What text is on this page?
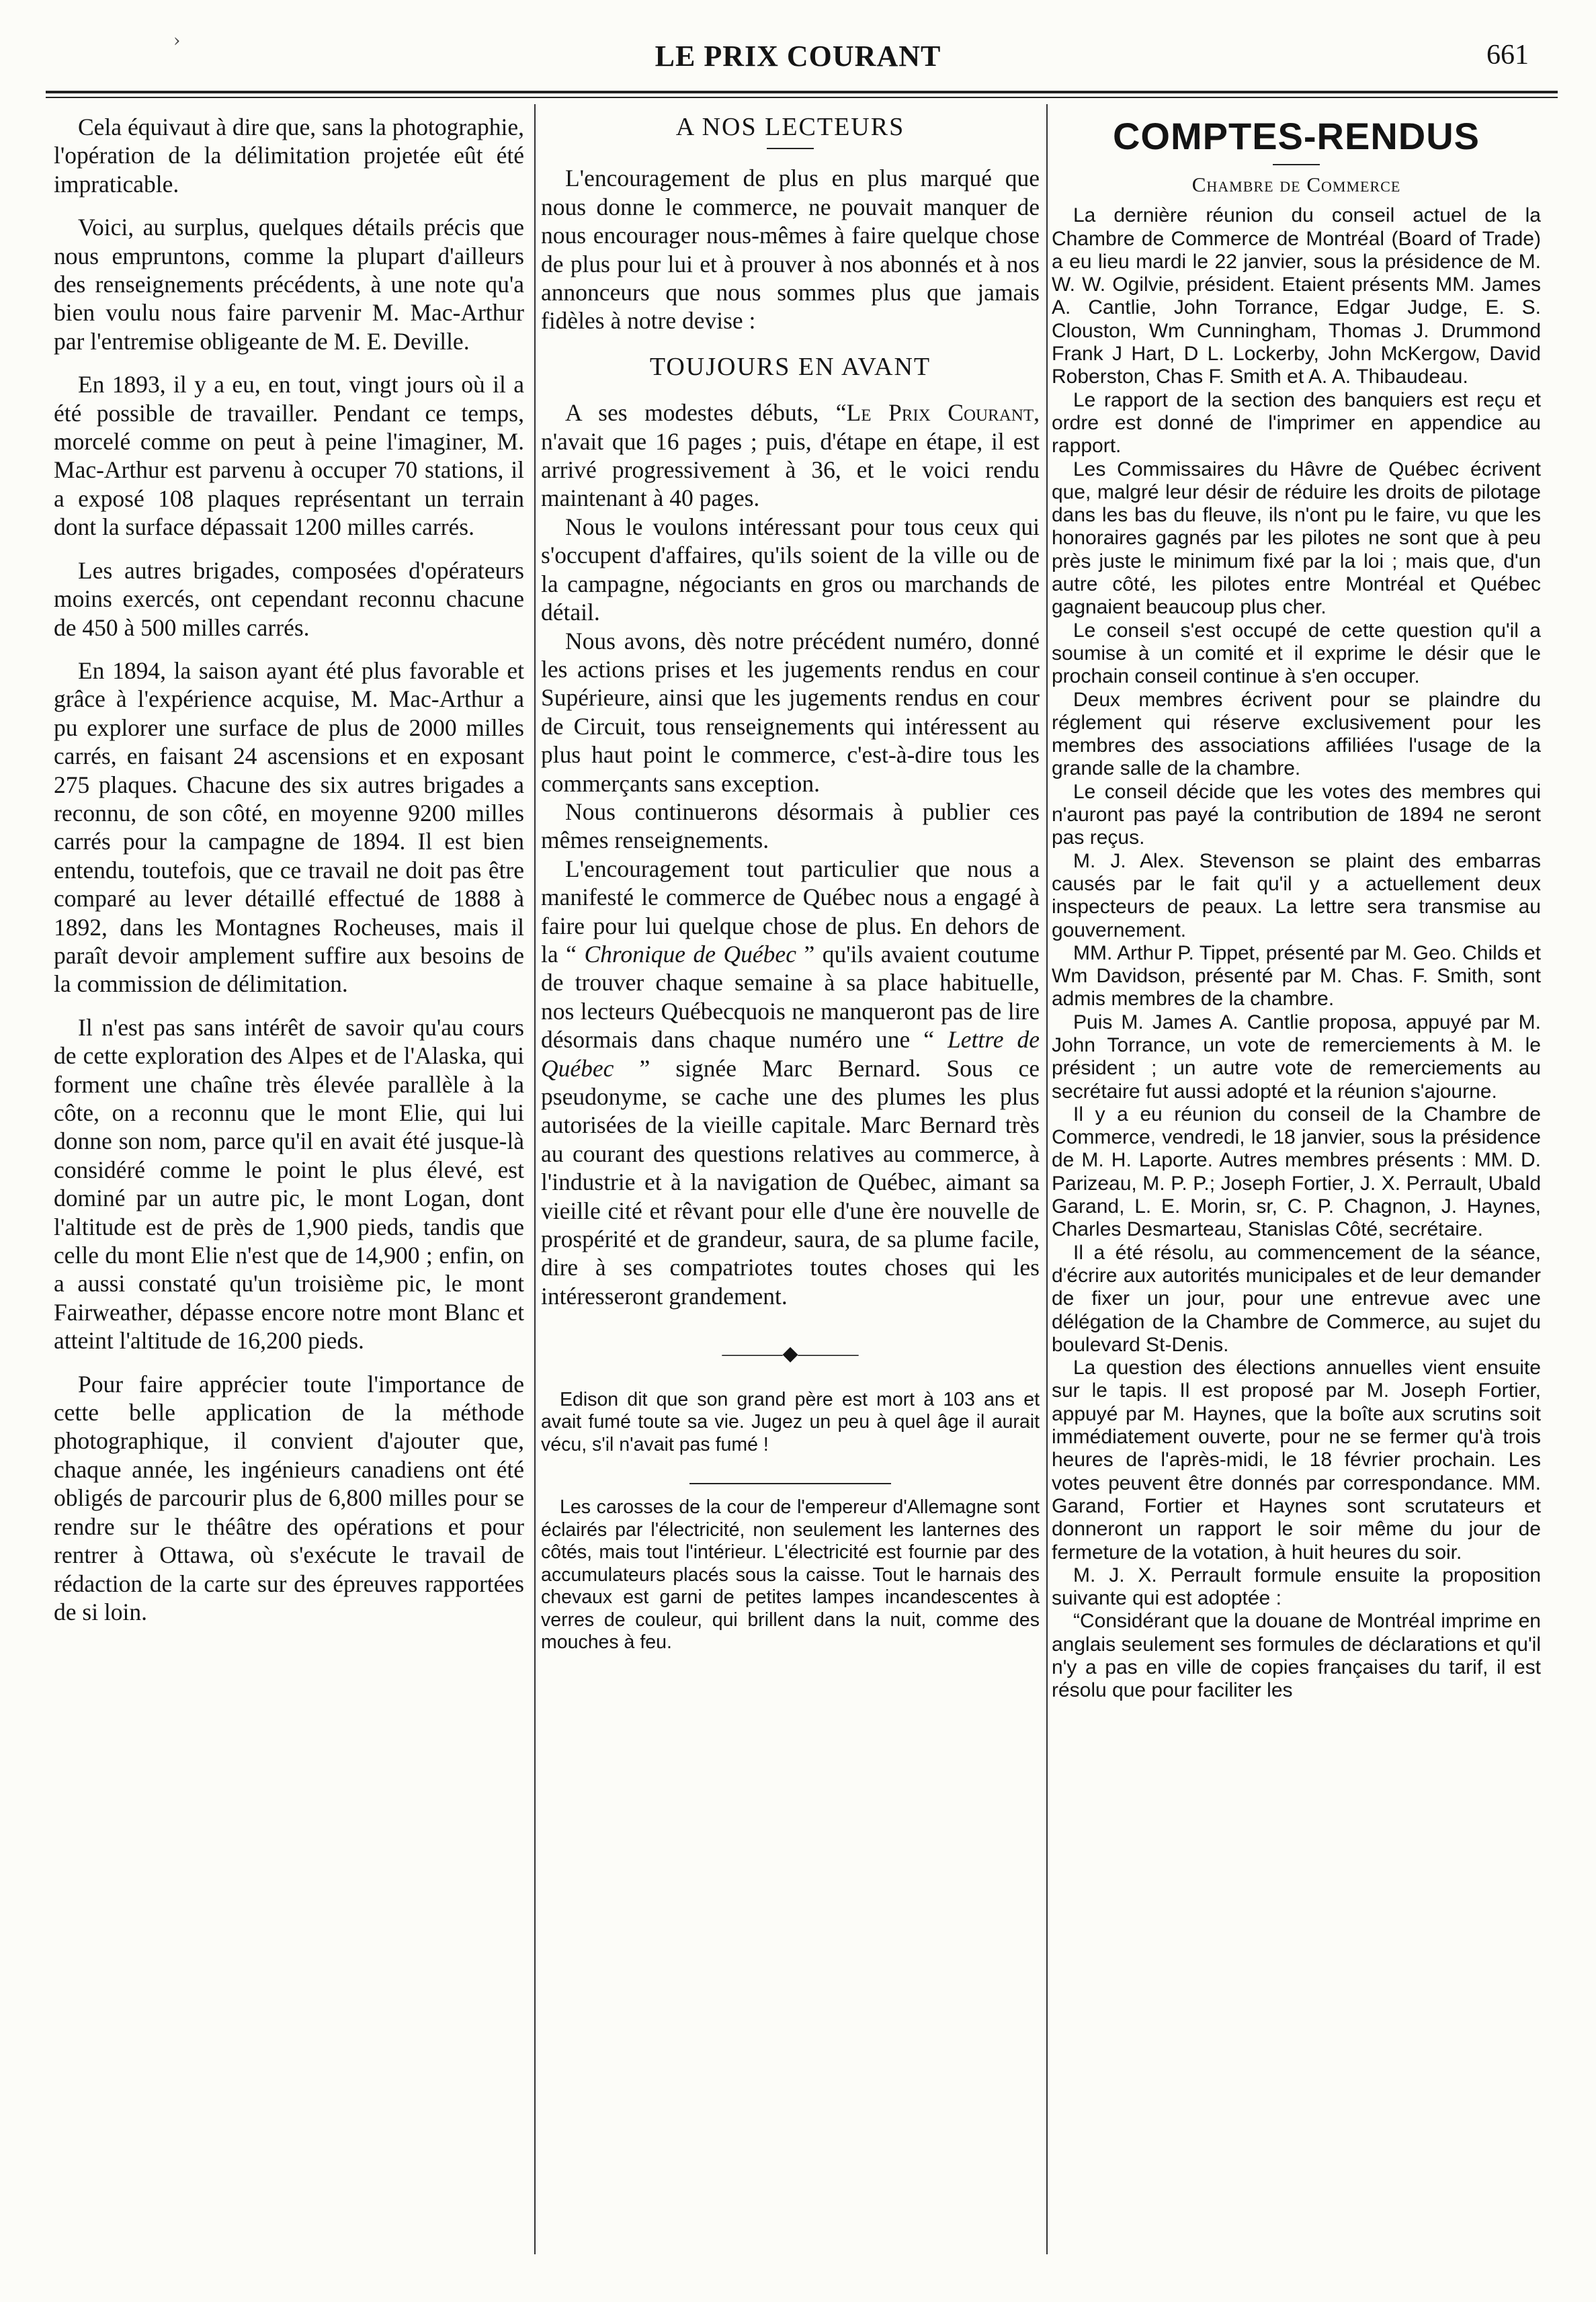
›	LE PRIX COURANT	661

Cela équivaut à dire que, sans la photographie, l'opération de la délimitation projetée eût été impraticable.

Voici, au surplus, quelques détails précis que nous empruntons, comme la plupart d'ailleurs des renseignements précédents, à une note qu'a bien voulu nous faire parvenir M. Mac-Arthur par l'entremise obligeante de M. E. Deville.

En 1893, il y a eu, en tout, vingt jours où il a été possible de travailler. Pendant ce temps, morcelé comme on peut à peine l'imaginer, M. Mac-Arthur est parvenu à occuper 70 stations, il a exposé 108 plaques représentant un terrain dont la surface dépassait 1200 milles carrés.

Les autres brigades, composées d'opérateurs moins exercés, ont cependant reconnu chacune de 450 à 500 milles carrés.

En 1894, la saison ayant été plus favorable et grâce à l'expérience acquise, M. Mac-Arthur a pu explorer une surface de plus de 2000 milles carrés, en faisant 24 ascensions et en exposant 275 plaques. Chacune des six autres brigades a reconnu, de son côté, en moyenne 9200 milles carrés pour la campagne de 1894. Il est bien entendu, toutefois, que ce travail ne doit pas être comparé au lever détaillé effectué de 1888 à 1892, dans les Montagnes Rocheuses, mais il paraît devoir amplement suffire aux besoins de la commission de délimitation.

Il n'est pas sans intérêt de savoir qu'au cours de cette exploration des Alpes et de l'Alaska, qui forment une chaîne très élevée parallèle à la côte, on a reconnu que le mont Elie, qui lui donne son nom, parce qu'il en avait été jusque-là considéré comme le point le plus élevé, est dominé par un autre pic, le mont Logan, dont l'altitude est de près de 1,900 pieds, tandis que celle du mont Elie n'est que de 14,900 ; enfin, on a aussi constaté qu'un troisième pic, le mont Fairweather, dépasse encore notre mont Blanc et atteint l'altitude de 16,200 pieds.

Pour faire apprécier toute l'importance de cette belle application de la méthode photographique, il convient d'ajouter que, chaque année, les ingénieurs canadiens ont été obligés de parcourir plus de 6,800 milles pour se rendre sur le théâtre des opérations et pour rentrer à Ottawa, où s'exécute le travail de rédaction de la carte sur des épreuves rapportées de si loin.

A NOS LECTEURS

L'encouragement de plus en plus marqué que nous donne le commerce, ne pouvait manquer de nous encourager nous-mêmes à faire quelque chose de plus pour lui et à prouver à nos abonnés et à nos annonceurs que nous sommes plus que jamais fidèles à notre devise :

TOUJOURS EN AVANT

A ses modestes débuts, “Le Prix Courant, n'avait que 16 pages ; puis, d'étape en étape, il est arrivé progressivement à 36, et le voici rendu maintenant à 40 pages.

Nous le voulons intéressant pour tous ceux qui s'occupent d'affaires, qu'ils soient de la ville ou de la campagne, négociants en gros ou marchands de détail.

Nous avons, dès notre précédent numéro, donné les actions prises et les jugements rendus en cour Supérieure, ainsi que les jugements rendus en cour de Circuit, tous renseignements qui intéressent au plus haut point le commerce, c'est-à-dire tous les commerçants sans exception.

Nous continuerons désormais à publier ces mêmes renseignements.

L'encouragement tout particulier que nous a manifesté le commerce de Québec nous a engagé à faire pour lui quelque chose de plus. En dehors de la “ Chronique de Québec ” qu'ils avaient coutume de trouver chaque semaine à sa place habituelle, nos lecteurs Québecquois ne manqueront pas de lire désormais dans chaque numéro une “ Lettre de Québec ” signée Marc Bernard. Sous ce pseudonyme, se cache une des plumes les plus autorisées de la vieille capitale. Marc Bernard très au courant des questions relatives au commerce, à l'industrie et à la navigation de Québec, aimant sa vieille cité et rêvant pour elle d'une ère nouvelle de prospérité et de grandeur, saura, de sa plume facile, dire à ses compatriotes toutes choses qui les intéresseront grandement.

———◆———

Edison dit que son grand père est mort à 103 ans et avait fumé toute sa vie. Jugez un peu à quel âge il aurait vécu, s'il n'avait pas fumé !

Les carosses de la cour de l'empereur d'Allemagne sont éclairés par l'électricité, non seulement les lanternes des côtés, mais tout l'intérieur. L'électricité est fournie par des accumulateurs placés sous la caisse. Tout le harnais des chevaux est garni de petites lampes incandescentes à verres de couleur, qui brillent dans la nuit, comme des mouches à feu.

COMPTES-RENDUS
Chambre de Commerce

La dernière réunion du conseil actuel de la Chambre de Commerce de Montréal (Board of Trade) a eu lieu mardi le 22 janvier, sous la présidence de M. W. W. Ogilvie, président. Etaient présents MM. James A. Cantlie, John Torrance, Edgar Judge, E. S. Clouston, Wm Cunningham, Thomas J. Drummond Frank J Hart, D L. Lockerby, John McKergow, David Roberston, Chas F. Smith et A. A. Thibaudeau.

Le rapport de la section des banquiers est reçu et ordre est donné de l'imprimer en appendice au rapport.

Les Commissaires du Hâvre de Québec écrivent que, malgré leur désir de réduire les droits de pilotage dans les bas du fleuve, ils n'ont pu le faire, vu que les honoraires gagnés par les pilotes ne sont que à peu près juste le minimum fixé par la loi ; mais que, d'un autre côté, les pilotes entre Montréal et Québec gagnaient beaucoup plus cher.

Le conseil s'est occupé de cette question qu'il a soumise à un comité et il exprime le désir que le prochain conseil continue à s'en occuper.

Deux membres écrivent pour se plaindre du réglement qui réserve exclusivement pour les membres des associations affiliées l'usage de la grande salle de la chambre.

Le conseil décide que les votes des membres qui n'auront pas payé la contribution de 1894 ne seront pas reçus.

M. J. Alex. Stevenson se plaint des embarras causés par le fait qu'il y a actuellement deux inspecteurs de peaux. La lettre sera transmise au gouvernement.

MM. Arthur P. Tippet, présenté par M. Geo. Childs et Wm Davidson, présenté par M. Chas. F. Smith, sont admis membres de la chambre.

Puis M. James A. Cantlie proposa, appuyé par M. John Torrance, un vote de remerciements à M. le président ; un autre vote de remerciements au secrétaire fut aussi adopté et la réunion s'ajourne.

Il y a eu réunion du conseil de la Chambre de Commerce, vendredi, le 18 janvier, sous la présidence de M. H. Laporte. Autres membres présents : MM. D. Parizeau, M. P. P.; Joseph Fortier, J. X. Perrault, Ubald Garand, L. E. Morin, sr, C. P. Chagnon, J. Haynes, Charles Desmarteau, Stanislas Côté, secrétaire.

Il a été résolu, au commencement de la séance, d'écrire aux autorités municipales et de leur demander de fixer un jour, pour une entrevue avec une délégation de la Chambre de Commerce, au sujet du boulevard St-Denis.

La question des élections annuelles vient ensuite sur le tapis. Il est proposé par M. Joseph Fortier, appuyé par M. Haynes, que la boîte aux scrutins soit immédiatement ouverte, pour ne se fermer qu'à trois heures de l'après-midi, le 18 février prochain. Les votes peuvent être donnés par correspondance. MM. Garand, Fortier et Haynes sont scrutateurs et donneront un rapport le soir même du jour de fermeture de la votation, à huit heures du soir.

M. J. X. Perrault formule ensuite la proposition suivante qui est adoptée :

“Considérant que la douane de Montréal imprime en anglais seulement ses formules de déclarations et qu'il n'y a pas en ville de copies françaises du tarif, il est résolu que pour faciliter les
